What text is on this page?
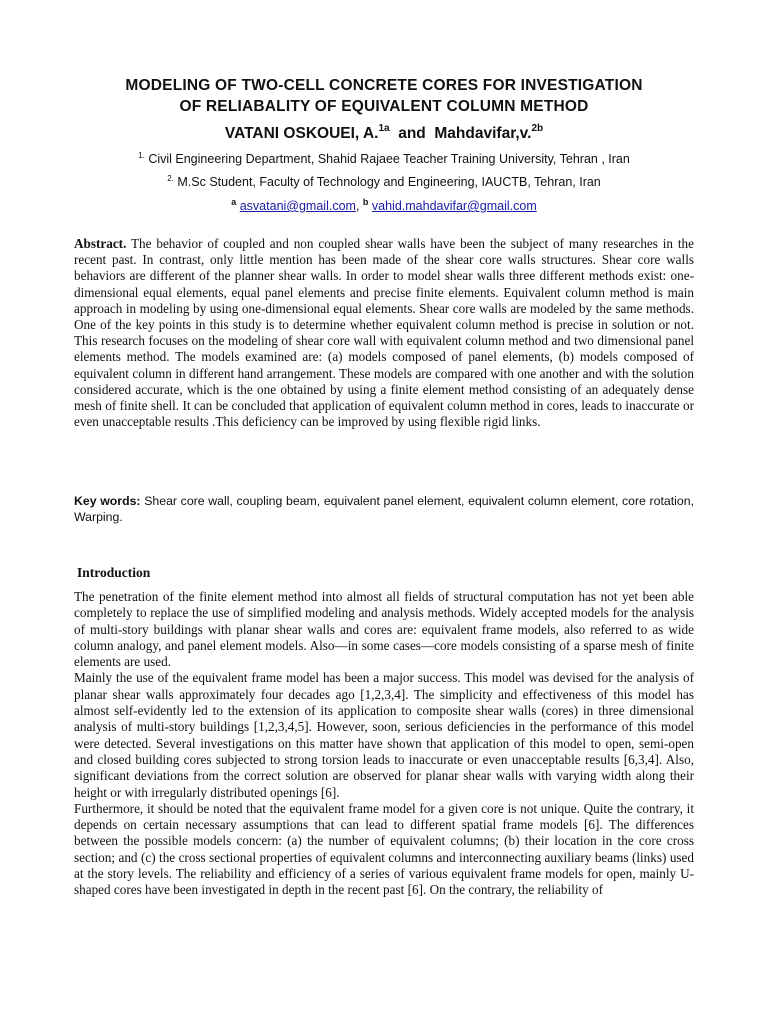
MODELING OF TWO-CELL CONCRETE CORES FOR INVESTIGATION
OF RELIABALITY OF EQUIVALENT COLUMN METHOD
VATANI OSKOUEI, A.$^{1a}$ and Mahdavifar,v.$^{2b}$
$^{1.}$ Civil Engineering Department, Shahid Rajaee Teacher Training University, Tehran , Iran
$^{2.}$ M.Sc Student, Faculty of Technology and Engineering, IAUCTB, Tehran, Iran
$^a$ asvatani@gmail.com, $^b$ vahid.mahdavifar@gmail.com

Abstract. The behavior of coupled and non coupled shear walls have been the subject of many researches in the recent past. In contrast, only little mention has been made of the shear core walls structures. Shear core walls behaviors are different of the planner shear walls. In order to model shear walls three different methods exist: one-dimensional equal elements, equal panel elements and precise finite elements. Equivalent column method is main approach in modeling by using one-dimensional equal elements. Shear core walls are modeled by the same methods. One of the key points in this study is to determine whether equivalent column method is precise in solution or not. This research focuses on the modeling of shear core wall with equivalent column method and two dimensional panel elements method. The models examined are: (a) models composed of panel elements, (b) models composed of equivalent column in different hand arrangement. These models are compared with one another and with the solution considered accurate, which is the one obtained by using a finite element method consisting of an adequately dense mesh of finite shell. It can be concluded that application of equivalent column method in cores, leads to inaccurate or even unacceptable results .This deficiency can be improved by using flexible rigid links.

Key words: Shear core wall, coupling beam, equivalent panel element, equivalent column element, core rotation, Warping.

Introduction

The penetration of the finite element method into almost all fields of structural computation has not yet been able completely to replace the use of simplified modeling and analysis methods. Widely accepted models for the analysis of multi-story buildings with planar shear walls and cores are: equivalent frame models, also referred to as wide column analogy, and panel element models. Also—in some cases—core models consisting of a sparse mesh of finite elements are used.

Mainly the use of the equivalent frame model has been a major success. This model was devised for the analysis of planar shear walls approximately four decades ago [1,2,3,4]. The simplicity and effectiveness of this model has almost self-evidently led to the extension of its application to composite shear walls (cores) in three dimensional analysis of multi-story buildings [1,2,3,4,5]. However, soon, serious deficiencies in the performance of this model were detected. Several investigations on this matter have shown that application of this model to open, semi-open and closed building cores subjected to strong torsion leads to inaccurate or even unacceptable results [6,3,4]. Also, significant deviations from the correct solution are observed for planar shear walls with varying width along their height or with irregularly distributed openings [6].

Furthermore, it should be noted that the equivalent frame model for a given core is not unique. Quite the contrary, it depends on certain necessary assumptions that can lead to different spatial frame models [6]. The differences between the possible models concern: (a) the number of equivalent columns; (b) their location in the core cross section; and (c) the cross sectional properties of equivalent columns and interconnecting auxiliary beams (links) used at the story levels. The reliability and efficiency of a series of various equivalent frame models for open, mainly U-shaped cores have been investigated in depth in the recent past [6]. On the contrary, the reliability of
